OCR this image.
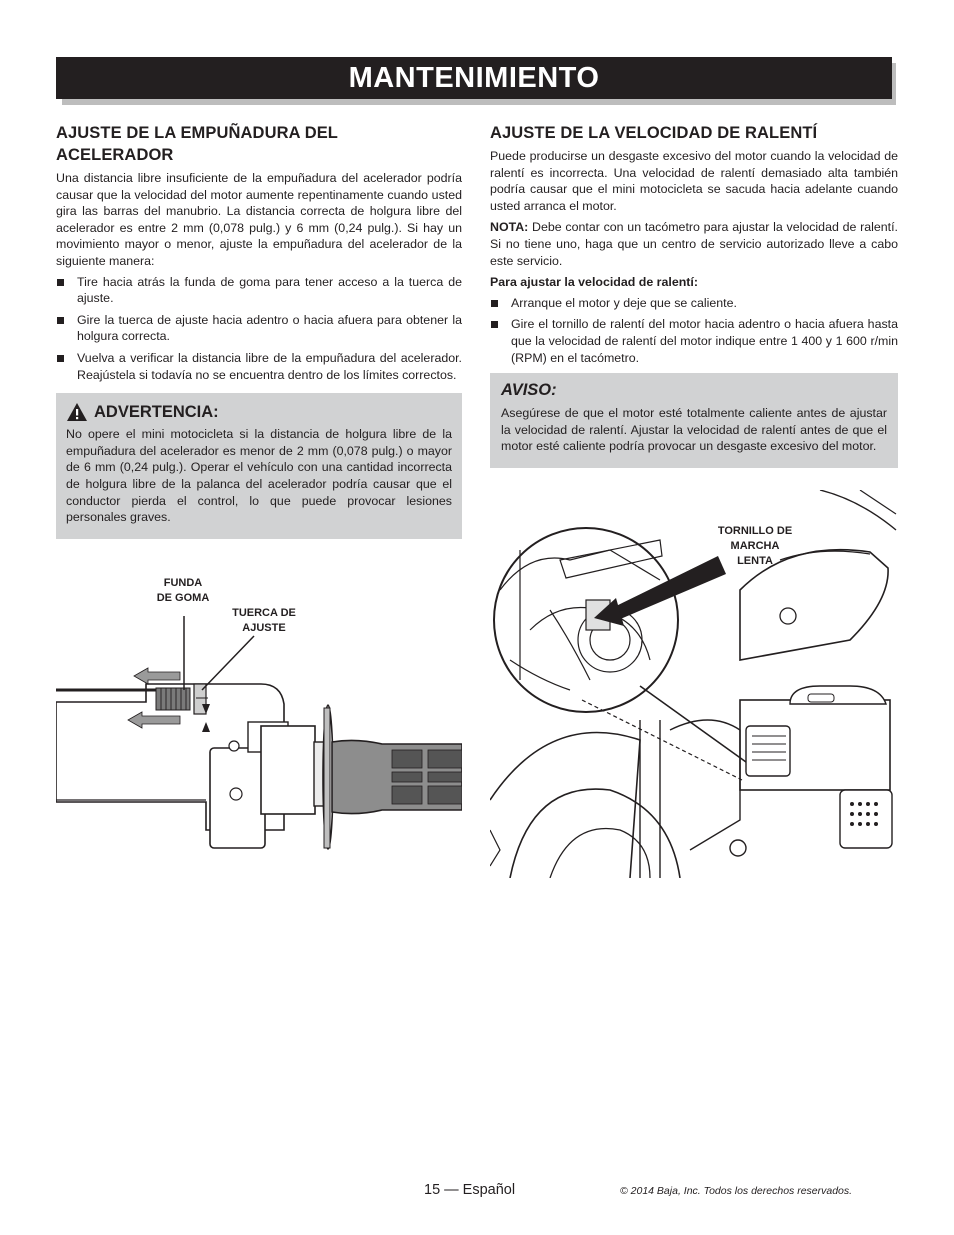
MANTENIMIENTO
AJUSTE DE LA EMPUÑADURA DEL
ACELERADOR

Una distancia libre insuficiente de la empuñadura del acelerador podría causar que la velocidad del motor aumente repentinamente cuando usted gira las barras del manubrio. La distancia correcta de holgura libre del acelerador es entre 2 mm (0,078 pulg.) y 6 mm (0,24 pulg.). Si hay un movimiento mayor o menor, ajuste la empuñadura del acelerador de la siguiente manera:

Tire hacia atrás la funda de goma para tener acceso a la tuerca de ajuste.
Gire la tuerca de ajuste hacia adentro o hacia afuera para obtener la holgura correcta.
Vuelva a verificar la distancia libre de la empuñadura del acelerador. Reajústela si todavía no se encuentra dentro de los límites correctos.
ADVERTENCIA:

No opere el mini motocicleta si la distancia de holgura libre de la empuñadura del acelerador es menor de 2 mm (0,078 pulg.) o mayor de 6 mm (0,24 pulg.). Operar el vehículo con una cantidad incorrecta de holgura libre de la palanca del acelerador podría causar que el conductor pierda el control, lo que puede provocar lesiones personales graves.

FUNDA
DE GOMA
TUERCA DE
AJUSTE
AJUSTE DE LA VELOCIDAD DE RALENTÍ

Puede producirse un desgaste excesivo del motor cuando la velocidad de ralentí es incorrecta. Una velocidad de ralentí demasiado alta también podría causar que el mini motocicleta se sacuda hacia adelante cuando usted arranca el motor.

NOTA: Debe contar con un tacómetro para ajustar la velocidad de ralentí. Si no tiene uno, haga que un centro de servicio autorizado lleve a cabo este servicio.

Para ajustar la velocidad de ralentí:

Arranque el motor y deje que se caliente.
Gire el tornillo de ralentí del motor hacia adentro o hacia afuera hasta que la velocidad de ralentí del motor indique entre 1 400 y 1 600 r/min (RPM) en el tacómetro.
AVISO:

Asegúrese de que el motor esté totalmente caliente antes de ajustar la velocidad de ralentí. Ajustar la velocidad de ralentí antes de que el motor esté caliente podría provocar un desgaste excesivo del motor.

TORNILLO DE
MARCHA
LENTA
15 — Español	© 2014 Baja, Inc. Todos los derechos reservados.
